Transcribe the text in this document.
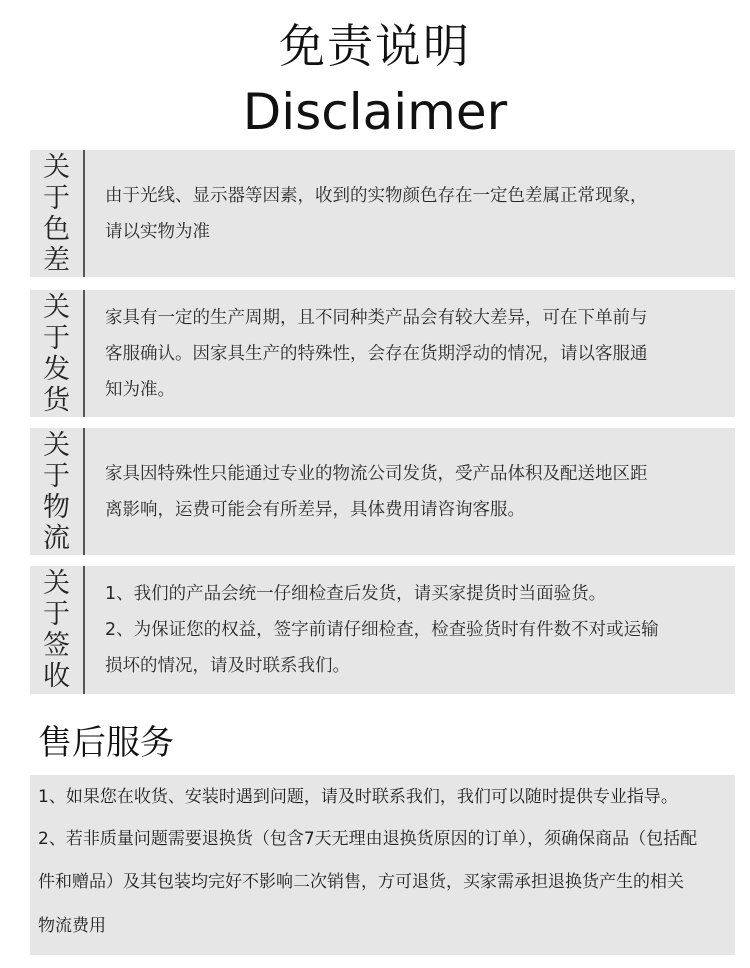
免责说明
Disclaimer
关
于
色
差
由于光线、显示器等因素，收到的实物颜色存在一定色差属正常现象，
请以实物为准
关
于
发
货
家具有一定的生产周期，且不同种类产品会有较大差异，可在下单前与
客服确认。因家具生产的特殊性，会存在货期浮动的情况，请以客服通
知为准。
关
于
物
流
家具因特殊性只能通过专业的物流公司发货，受产品体积及配送地区距
离影响，运费可能会有所差异，具体费用请咨询客服。
关
于
签
收
1、我们的产品会统一仔细检查后发货，请买家提货时当面验货。
2、为保证您的权益，签字前请仔细检查，检查验货时有件数不对或运输
损坏的情况，请及时联系我们。
售后服务
1、如果您在收货、安装时遇到问题，请及时联系我们，我们可以随时提供专业指导。
2、若非质量问题需要退换货（包含7天无理由退换货原因的订单），须确保商品（包括配
件和赠品）及其包装均完好不影响二次销售，方可退货，买家需承担退换货产生的相关
物流费用
